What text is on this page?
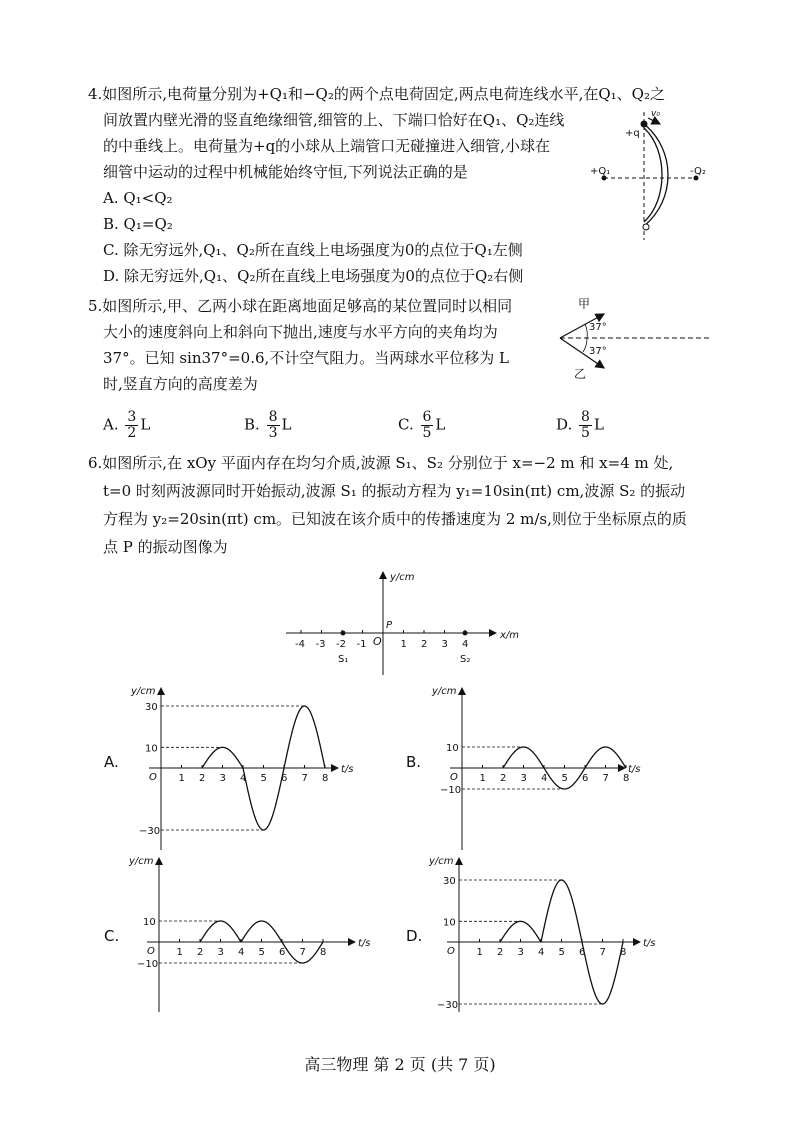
4.如图所示,电荷量分别为+Q₁和−Q₂的两个点电荷固定,两点电荷连线水平,在Q₁、Q₂之
间放置内壁光滑的竖直绝缘细管,细管的上、下端口恰好在Q₁、Q₂连线
的中垂线上。电荷量为+q的小球从上端管口无碰撞进入细管,小球在
细管中运动的过程中机械能始终守恒,下列说法正确的是
A. Q₁<Q₂
B. Q₁=Q₂
C. 除无穷远外,Q₁、Q₂所在直线上电场强度为0的点位于Q₁左侧
D. 除无穷远外,Q₁、Q₂所在直线上电场强度为0的点位于Q₂右侧
5.如图所示,甲、乙两小球在距离地面足够高的某位置同时以相同
大小的速度斜向上和斜向下抛出,速度与水平方向的夹角均为
37°。已知 sin37°=0.6,不计空气阻力。当两球水平位移为 L
时,竖直方向的高度差为
A. $\frac{3}{2}$ L	B. $\frac{8}{3}$ L	C. $\frac{6}{5}$ L	D. $\frac{8}{5}$ L
6.如图所示,在 xOy 平面内存在均匀介质,波源 S₁、S₂ 分别位于 x=−2 m 和 x=4 m 处,
t=0 时刻两波源同时开始振动,波源 S₁ 的振动方程为 y₁=10sin(πt) cm,波源 S₂ 的振动
方程为 y₂=20sin(πt) cm。已知波在该介质中的传播速度为 2 m/s,则位于坐标原点的质
点 P 的振动图像为
+q
v₀
+Q₁	-Q₂
甲
乙
37°
37°
y/cm
x/m
O
P
S₁	S₂
-4 -3 -2 -1	1 2 3 4
A.	B.
C.	D.
y/cm
t/s
O 1 2 3 4 5 6 7 8
30
10
−30
y/cm
t/s
O 1 2 3 4 5 6 7 8
10
−10
y/cm
t/s
O 1 2 3 4 5 6 7 8
10
−10
y/cm
t/s
O 1 2 3 4 5 6 7 8
30
10
−30
高三物理 第 2 页 (共 7 页)
